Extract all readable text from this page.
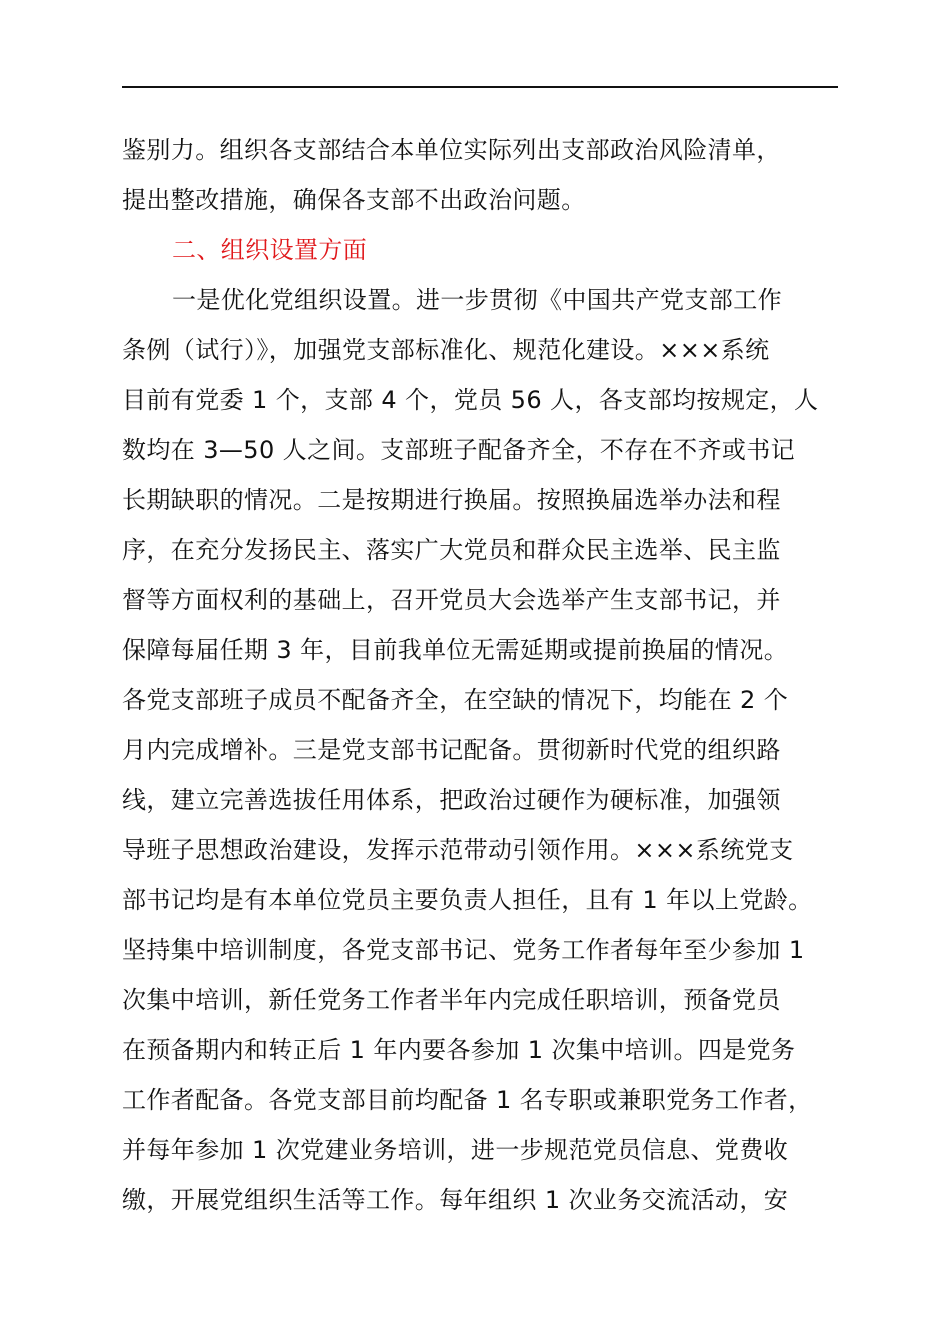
鉴别力。组织各支部结合本单位实际列出支部政治风险清单，
提出整改措施，确保各支部不出政治问题。
二、组织设置方面
一是优化党组织设置。进一步贯彻《中国共产党支部工作
条例（试行）》，加强党支部标准化、规范化建设。×××系统
目前有党委 1 个，支部 4 个，党员 56 人，各支部均按规定，人
数均在 3—50 人之间。支部班子配备齐全，不存在不齐或书记
长期缺职的情况。二是按期进行换届。按照换届选举办法和程
序，在充分发扬民主、落实广大党员和群众民主选举、民主监
督等方面权利的基础上，召开党员大会选举产生支部书记，并
保障每届任期 3 年，目前我单位无需延期或提前换届的情况。
各党支部班子成员不配备齐全，在空缺的情况下，均能在 2 个
月内完成增补。三是党支部书记配备。贯彻新时代党的组织路
线，建立完善选拔任用体系，把政治过硬作为硬标准，加强领
导班子思想政治建设，发挥示范带动引领作用。×××系统党支
部书记均是有本单位党员主要负责人担任，且有 1 年以上党龄。
坚持集中培训制度，各党支部书记、党务工作者每年至少参加 1
次集中培训，新任党务工作者半年内完成任职培训，预备党员
在预备期内和转正后 1 年内要各参加 1 次集中培训。四是党务
工作者配备。各党支部目前均配备 1 名专职或兼职党务工作者，
并每年参加 1 次党建业务培训，进一步规范党员信息、党费收
缴，开展党组织生活等工作。每年组织 1 次业务交流活动，安
